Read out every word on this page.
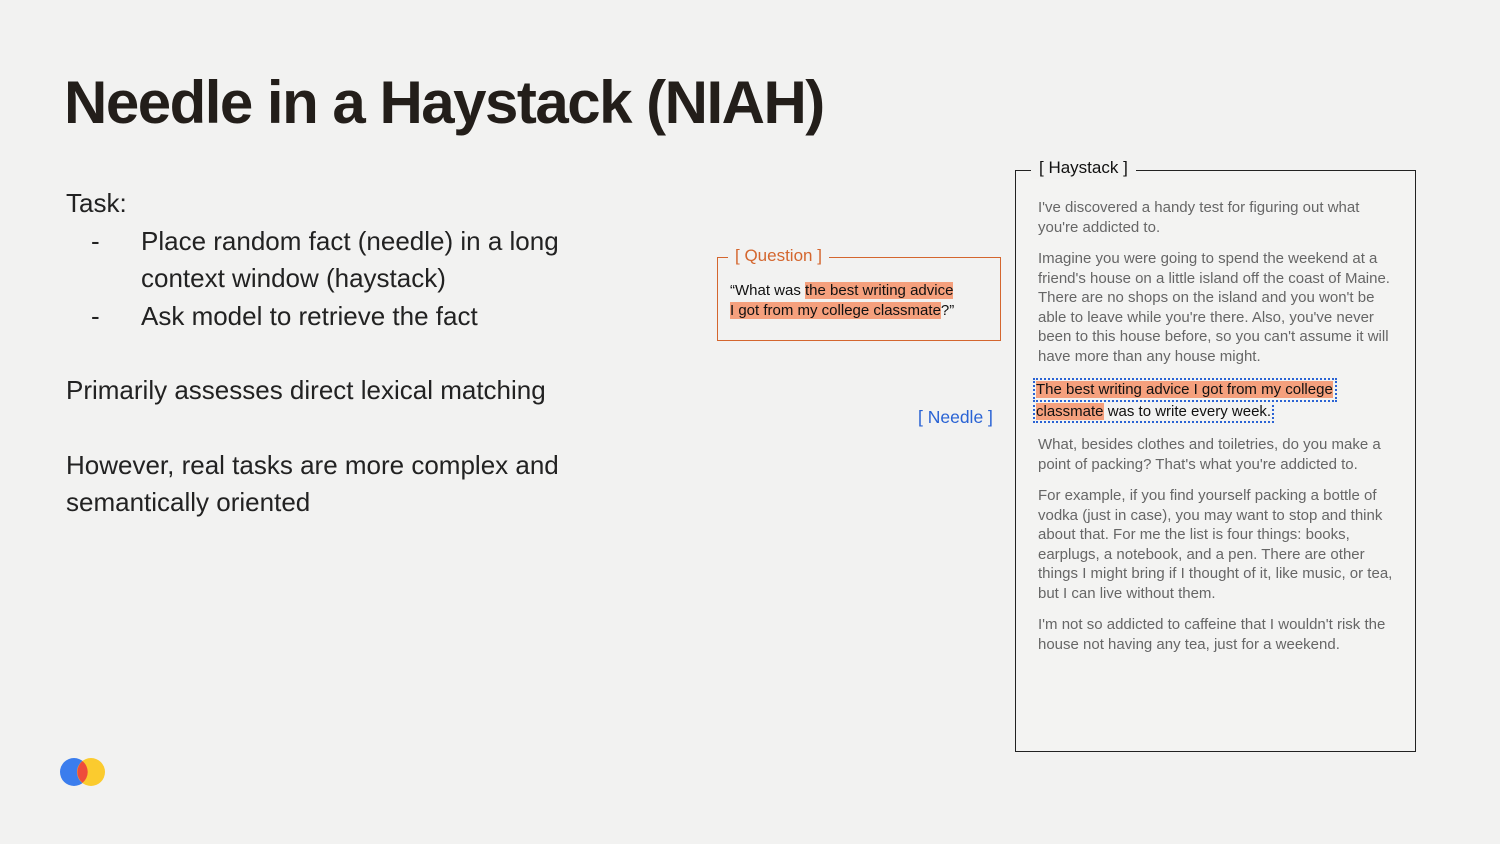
Needle in a Haystack (NIAH)
Task:
- Place random fact (needle) in a long
context window (haystack)
- Ask model to retrieve the fact
Primarily assesses direct lexical matching
However, real tasks are more complex and
semantically oriented
[ Question ]
“What was the best writing advice
I got from my college classmate?”
[ Needle ]
[ Haystack ]

I've discovered a handy test for figuring out what you're addicted to.

Imagine you were going to spend the weekend at a friend's house on a little island off the coast of Maine. There are no shops on the island and you won't be able to leave while you're there. Also, you've never been to this house before, so you can't assume it will have more than any house might.

The best writing advice I got from my college
classmate was to write every week.

What, besides clothes and toiletries, do you make a point of packing? That's what you're addicted to.

For example, if you find yourself packing a bottle of vodka (just in case), you may want to stop and think about that. For me the list is four things: books, earplugs, a notebook, and a pen. There are other things I might bring if I thought of it, like music, or tea, but I can live without them.

I'm not so addicted to caffeine that I wouldn't risk the house not having any tea, just for a weekend.
